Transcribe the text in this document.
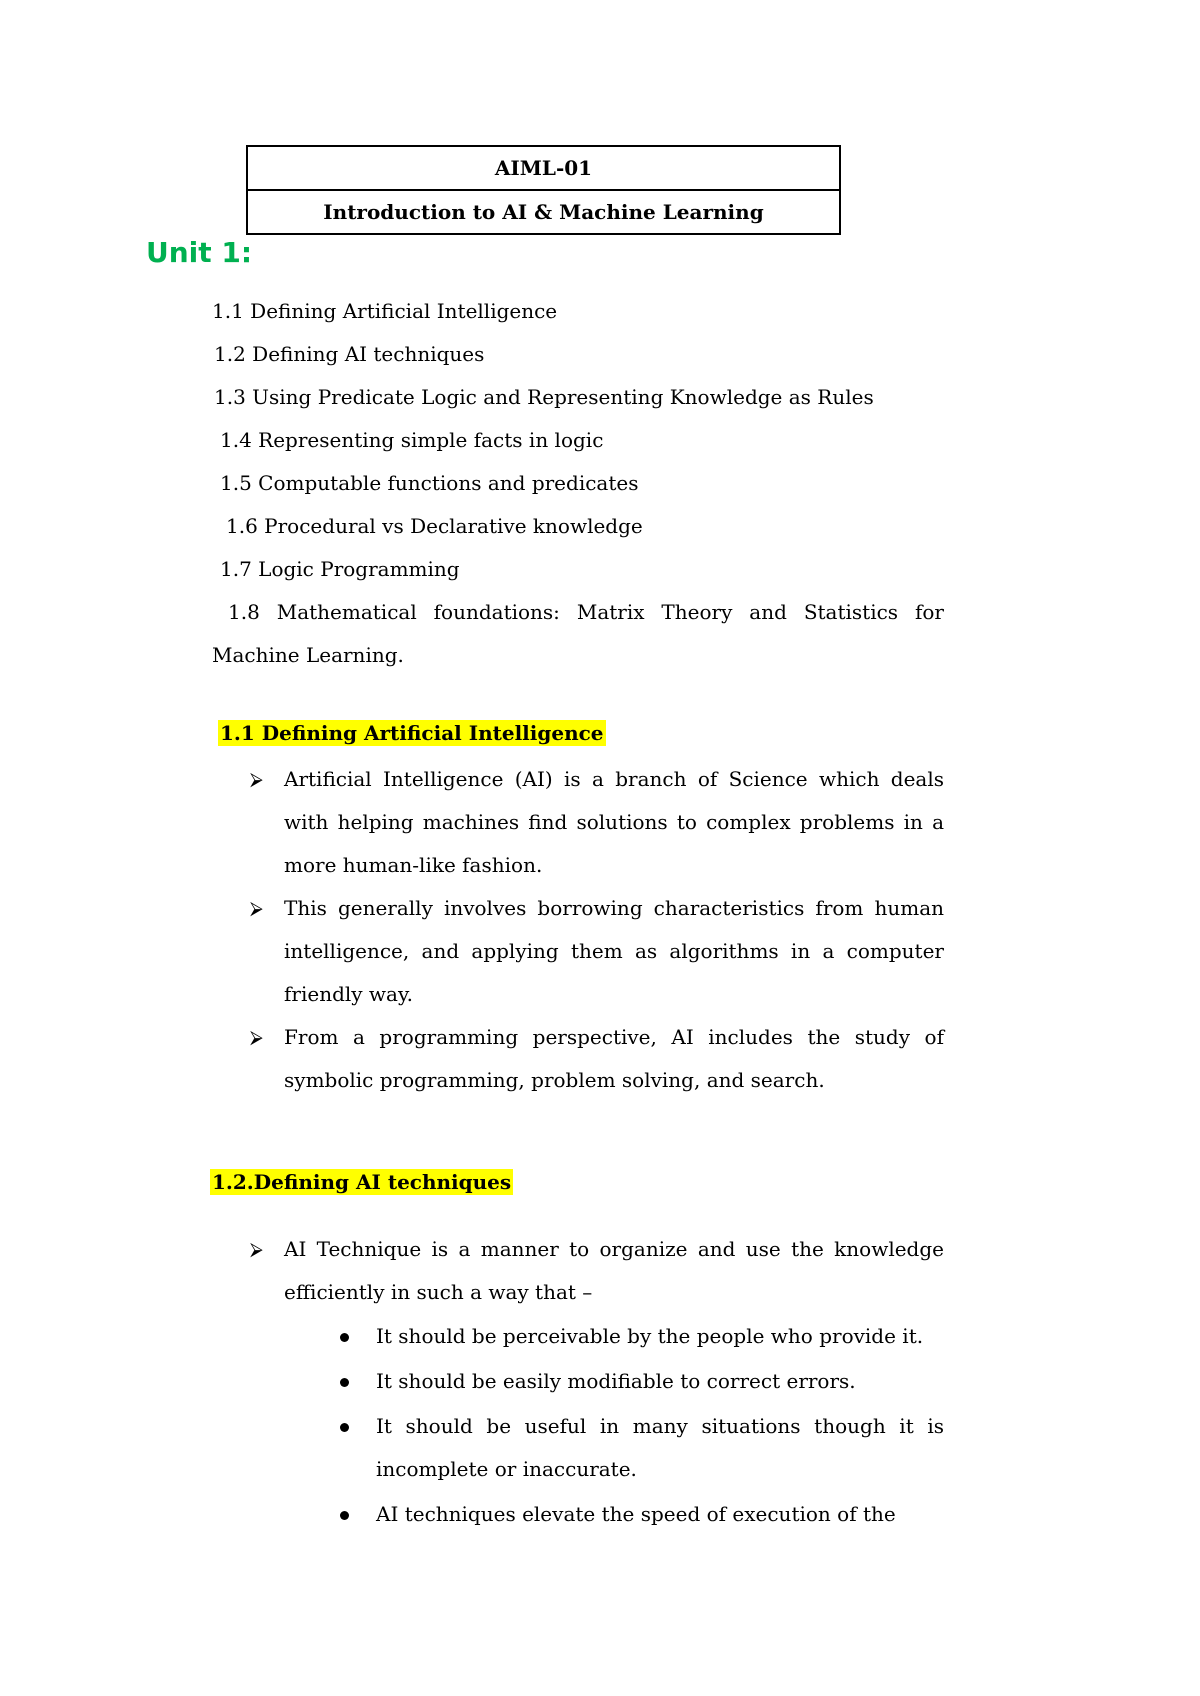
AIML-01
Introduction to AI & Machine Learning
Unit 1:
1.1 Defining Artificial Intelligence
1.2 Defining AI techniques
1.3 Using Predicate Logic and Representing Knowledge as Rules
1.4 Representing simple facts in logic
1.5 Computable functions and predicates
1.6 Procedural vs Declarative knowledge
1.7 Logic Programming
1.8 Mathematical foundations: Matrix Theory and Statistics for Machine Learning.
1.1 Defining Artificial Intelligence
⮚ Artificial Intelligence (AI) is a branch of Science which deals with helping machines find solutions to complex problems in a more human-like fashion.
⮚ This generally involves borrowing characteristics from human intelligence, and applying them as algorithms in a computer friendly way.
⮚ From a programming perspective, AI includes the study of symbolic programming, problem solving, and search.
1.2.Defining AI techniques
⮚ AI Technique is a manner to organize and use the knowledge efficiently in such a way that –
It should be perceivable by the people who provide it.
It should be easily modifiable to correct errors.
It should be useful in many situations though it is incomplete or inaccurate.
AI techniques elevate the speed of execution of the
